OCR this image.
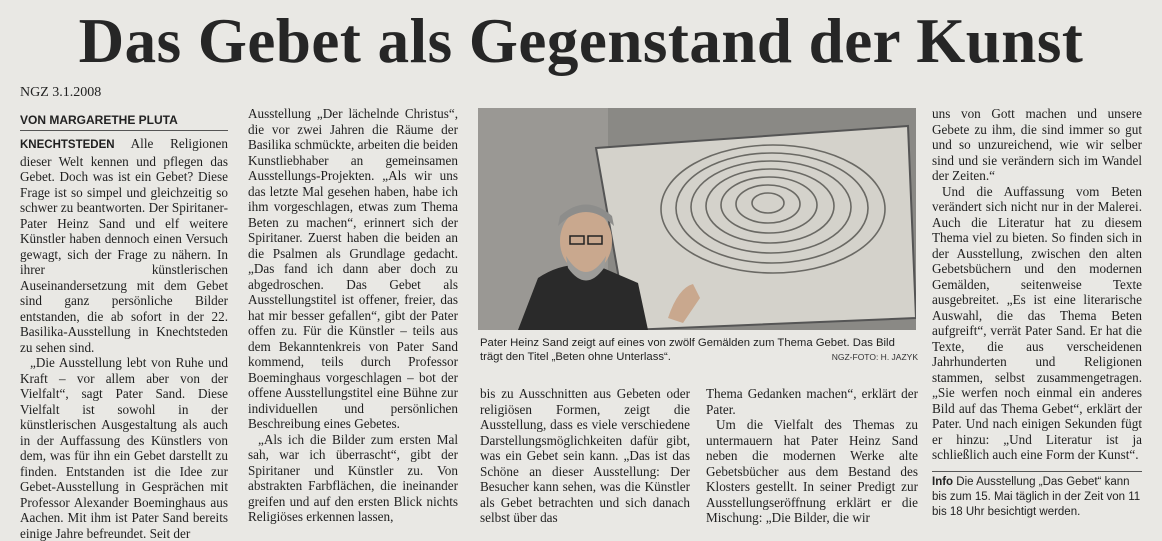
Das Gebet als Gegenstand der Kunst
NGZ 3.1.2008
VON MARGARETHE PLUTA

KNECHTSTEDEN Alle Religionen dieser Welt kennen und pflegen das Gebet. Doch was ist ein Gebet? Diese Frage ist so simpel und gleichzeitig so schwer zu beantworten. Der Spiritaner-Pater Heinz Sand und elf weitere Künstler haben dennoch einen Versuch gewagt, sich der Frage zu nähern. In ihrer künstlerischen Auseinandersetzung mit dem Gebet sind ganz persönliche Bilder entstanden, die ab sofort in der 22. Basilika-Ausstellung in Knechtsteden zu sehen sind.

„Die Ausstellung lebt von Ruhe und Kraft – vor allem aber von der Vielfalt“, sagt Pater Sand. Diese Vielfalt ist sowohl in der künstlerischen Ausgestaltung als auch in der Auffassung des Künstlers von dem, was für ihn ein Gebet darstellt zu finden. Entstanden ist die Idee zur Gebet-Ausstellung in Gesprächen mit Professor Alexander Boeminghaus aus Aachen. Mit ihm ist Pater Sand bereits einige Jahre befreundet. Seit der

Ausstellung „Der lächelnde Christus“, die vor zwei Jahren die Räume der Basilika schmückte, arbeiten die beiden Kunstliebhaber an gemeinsamen Ausstellungs-Projekten. „Als wir uns das letzte Mal gesehen haben, habe ich ihm vorgeschlagen, etwas zum Thema Beten zu machen“, erinnert sich der Spiritaner. Zuerst haben die beiden an die Psalmen als Grundlage gedacht. „Das fand ich dann aber doch zu abgedroschen. Das Gebet als Ausstellungstitel ist offener, freier, das hat mir besser gefallen“, gibt der Pater offen zu. Für die Künstler – teils aus dem Bekanntenkreis von Pater Sand kommend, teils durch Professor Boeminghaus vorgeschlagen – bot der offene Ausstellungstitel eine Bühne zur individuellen und persönlichen Beschreibung eines Gebetes.

„Als ich die Bilder zum ersten Mal sah, war ich überrascht“, gibt der Spiritaner und Künstler zu. Von abstrakten Farbflächen, die ineinander greifen und auf den ersten Blick nichts Religiöses erkennen lassen,

Pater Heinz Sand zeigt auf eines von zwölf Gemälden zum Thema Gebet. Das Bild trägt den Titel „Beten ohne Unterlass“.	NGZ-FOTO: H. JAZYK

bis zu Ausschnitten aus Gebeten oder religiösen Formen, zeigt die Ausstellung, dass es viele verschiedene Darstellungsmöglichkeiten dafür gibt, was ein Gebet sein kann. „Das ist das Schöne an dieser Ausstellung: Der Besucher kann sehen, was die Künstler als Gebet betrachten und sich danach selbst über das

Thema Gedanken machen“, erklärt der Pater.

Um die Vielfalt des Themas zu untermauern hat Pater Heinz Sand neben die modernen Werke alte Gebetsbücher aus dem Bestand des Klosters gestellt. In seiner Predigt zur Ausstellungseröffnung erklärt er die Mischung: „Die Bilder, die wir

uns von Gott machen und unsere Gebete zu ihm, die sind immer so gut und so unzureichend, wie wir selber sind und sie verändern sich im Wandel der Zeiten.“

Und die Auffassung vom Beten verändert sich nicht nur in der Malerei. Auch die Literatur hat zu diesem Thema viel zu bieten. So finden sich in der Ausstellung, zwischen den alten Gebetsbüchern und den modernen Gemälden, seitenweise Texte ausgebreitet. „Es ist eine literarische Auswahl, die das Thema Beten aufgreift“, verrät Pater Sand. Er hat die Texte, die aus verscheidenen Jahrhunderten und Religionen stammen, selbst zusammengetragen. „Sie werfen noch einmal ein anderes Bild auf das Thema Gebet“, erklärt der Pater. Und nach einigen Sekunden fügt er hinzu: „Und Literatur ist ja schließlich auch eine Form der Kunst“.

Info Die Ausstellung „Das Gebet“ kann bis zum 15. Mai täglich in der Zeit von 11 bis 18 Uhr besichtigt werden.
